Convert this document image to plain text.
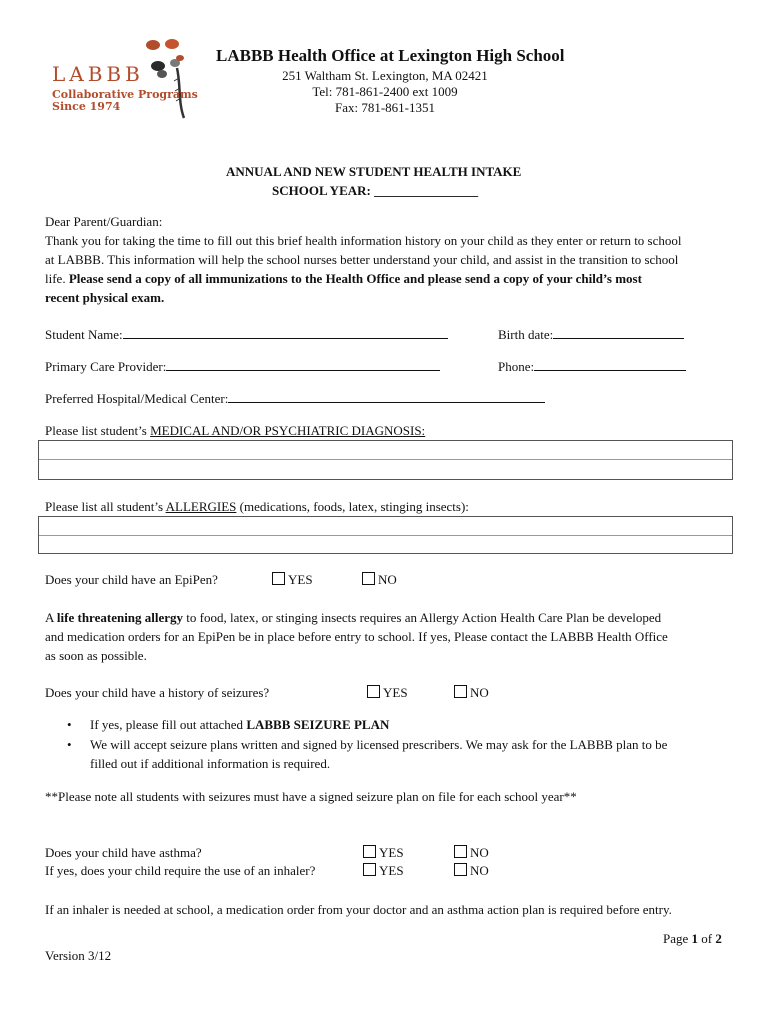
LABBB
Collaborative Programs
Since 1974
LABBB Health Office at Lexington High School
251 Waltham St. Lexington, MA 02421
Tel: 781-861-2400 ext 1009
Fax: 781-861-1351
ANNUAL AND NEW STUDENT HEALTH INTAKE
SCHOOL YEAR: ________________
Dear Parent/Guardian:
Thank you for taking the time to fill out this brief health information history on your child as they enter or return to school
at LABBB. This information will help the school nurses better understand your child, and assist in the transition to school
life. Please send a copy of all immunizations to the Health Office and please send a copy of your child’s most
recent physical exam.
Student Name:	Birth date:
Primary Care Provider:	Phone:
Preferred Hospital/Medical Center:
Please list student’s MEDICAL AND/OR PSYCHIATRIC DIAGNOSIS:
Please list all student’s ALLERGIES (medications, foods, latex, stinging insects):
Does your child have an EpiPen?	YES	NO
A life threatening allergy to food, latex, or stinging insects requires an Allergy Action Health Care Plan be developed
and medication orders for an EpiPen be in place before entry to school. If yes, Please contact the LABBB Health Office
as soon as possible.
Does your child have a history of seizures?	YES	NO
• If yes, please fill out attached LABBB SEIZURE PLAN
• We will accept seizure plans written and signed by licensed prescribers. We may ask for the LABBB plan to be
filled out if additional information is required.
**Please note all students with seizures must have a signed seizure plan on file for each school year**
Does your child have asthma?	YES	NO
If yes, does your child require the use of an inhaler?	YES	NO
If an inhaler is needed at school, a medication order from your doctor and an asthma action plan is required before entry.
Page 1 of 2
Version 3/12
